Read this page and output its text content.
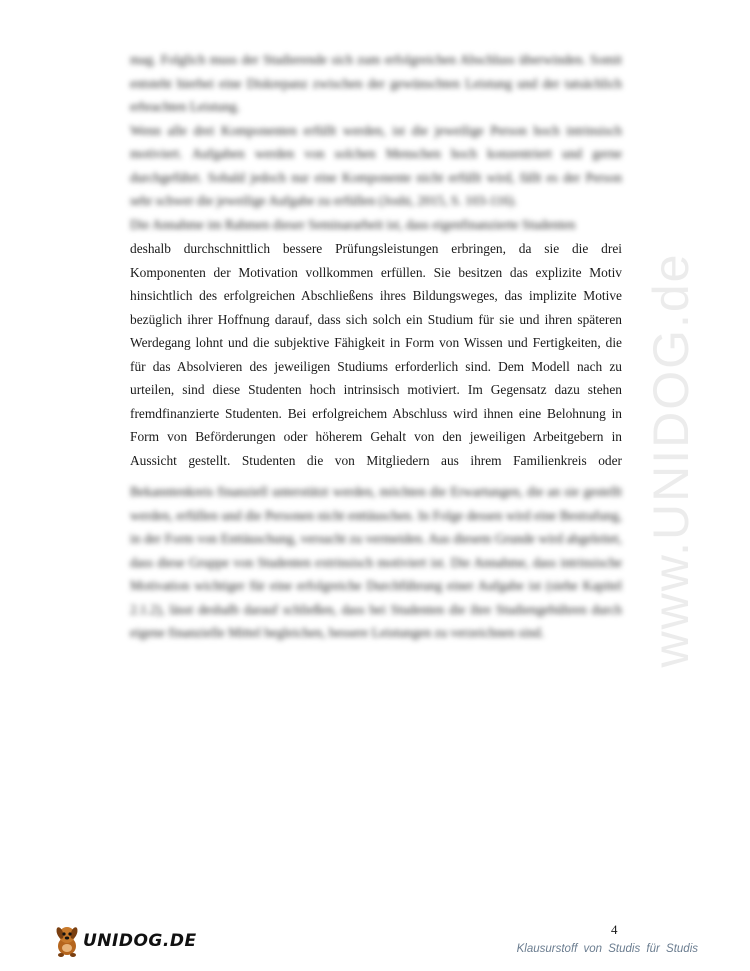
mag. Folglich muss der Studierende sich zum erfolgreichen Abschluss überwinden. Somit entsteht hierbei eine Diskrepanz zwischen der gewünschten Leistung und der tatsächlich erbrachten Leistung.

Wenn alle drei Komponenten erfüllt werden, ist die jeweilige Person hoch intrinsisch motiviert. Aufgaben werden von solchen Menschen hoch konzentriert und gerne durchgeführt. Sobald jedoch nur eine Komponente nicht erfüllt wird, fällt es der Person sehr schwer die jeweilige Aufgabe zu erfüllen (Joshi, 2015, S. 103-116).

Die Annahme im Rahmen dieser Seminararbeit ist, dass eigenfinanzierte Studenten

deshalb durchschnittlich bessere Prüfungsleistungen erbringen, da sie die drei
Komponenten der Motivation vollkommen erfüllen. Sie besitzen das explizite Motiv
hinsichtlich des erfolgreichen Abschließens ihres Bildungsweges, das implizite Motive
bezüglich ihrer Hoffnung darauf, dass sich solch ein Studium für sie und ihren späteren
Werdegang lohnt und die subjektive Fähigkeit in Form von Wissen und Fertigkeiten, die
für das Absolvieren des jeweiligen Studiums erforderlich sind. Dem Modell nach zu
urteilen, sind diese Studenten hoch intrinsisch motiviert. Im Gegensatz dazu stehen
fremdfinanzierte Studenten. Bei erfolgreichem Abschluss wird ihnen eine Belohnung in
Form von Beförderungen oder höherem Gehalt von den jeweiligen Arbeitgebern in
Aussicht gestellt. Studenten die von Mitgliedern aus ihrem Familienkreis oder

Bekanntenkreis finanziell unterstützt werden, möchten die Erwartungen, die an sie gestellt werden, erfüllen und die Personen nicht enttäuschen. In Folge dessen wird eine Bestrafung, in der Form von Enttäuschung, versucht zu vermeiden. Aus diesem Grunde wird abgeleitet, dass diese Gruppe von Studenten extrinsisch motiviert ist. Die Annahme, dass intrinsische Motivation wichtiger für eine erfolgreiche Durchführung einer Aufgabe ist (siehe Kapitel 2.1.2), lässt deshalb darauf schließen, dass bei Studenten die ihre Studiengebühren durch eigene finanzielle Mittel begleichen, bessere Leistungen zu verzeichnen sind.	www.UNIDOG.de
4
UNIDOG.DE	Klausurstoff von Studis für Studis
